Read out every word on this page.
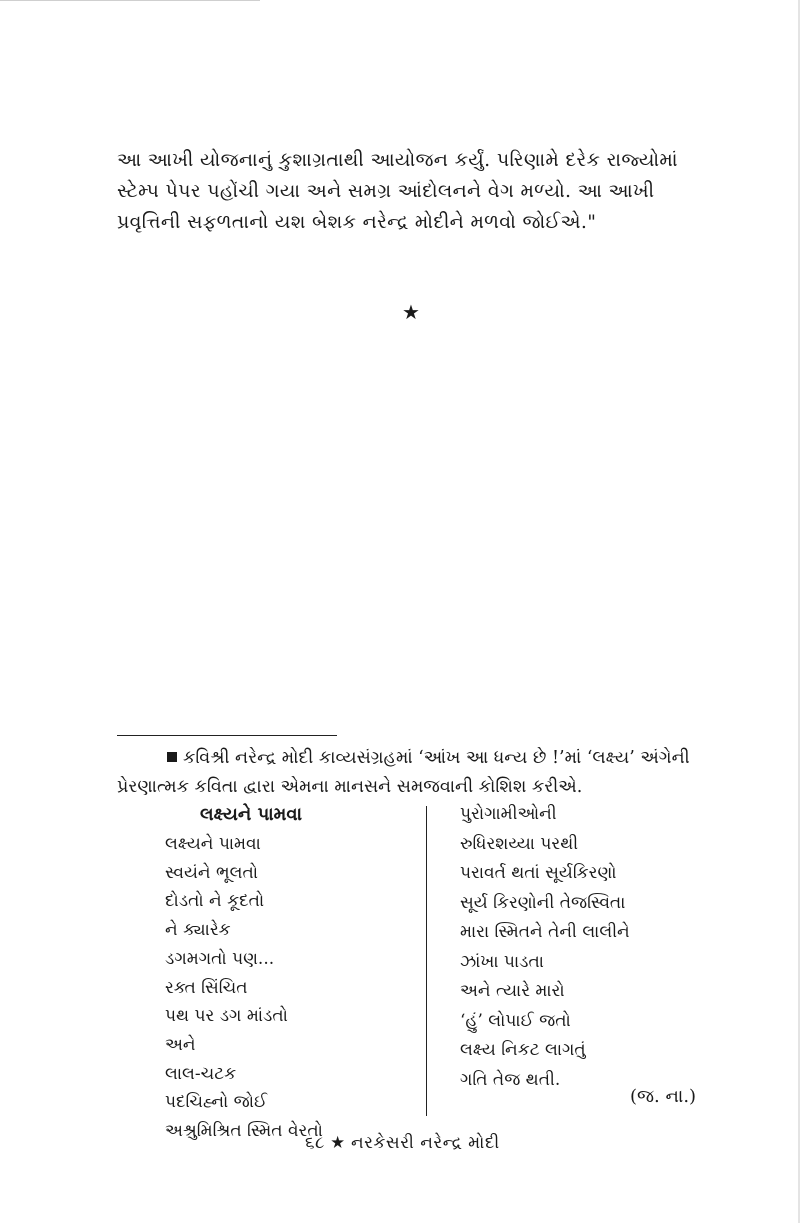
આ આખી યોજનાનું કુશાગ્રતાથી આયોજન કર્યું. પરિણામે દરેક રાજ્યોમાં

સ્ટેમ્પ પેપર પહોંચી ગયા અને સમગ્ર આંદોલનને વેગ મળ્યો. આ આખી

પ્રવૃત્તિની સફળતાનો યશ બેશક નરેન્દ્ર મોદીને મળવો જોઈએ."

★

કવિશ્રી નરેન્દ્ર મોદી કાવ્યસંગ્રહમાં ‘આંખ આ ધન્ય છે !’માં ‘લક્ષ્ય’ અંગેની

પ્રેરણાત્મક કવિતા દ્વારા એમના માનસને સમજવાની કોશિશ કરીએ.

લક્ષ્યને પામવા
લક્ષ્યને પામવા
સ્વયંને ભૂલતો
દોડતો ને કૂદતો
ને ક્યારેક
ડગમગતો પણ...
રક્ત સિંચિત
પથ પર ડગ માંડતો
અને
લાલ-ચટક
પદચિહ્નો જોઈ
અશ્રુમિશ્રિત સ્મિત વેરતો
પુરોગામીઓની
રુધિરશય્યા પરથી
પરાવર્ત થતાં સૂર્યકિરણો
સૂર્ય કિરણોની તેજસ્વિતા
મારા સ્મિતને તેની લાલીને
ઝાંખા પાડતા
અને ત્યારે મારો
‘હું’ લોપાઈ જતો
લક્ષ્ય નિકટ લાગતું
ગતિ તેજ થતી.
(જ. ના.)
૬૮ ★ નરકેસરી નરેન્દ્ર મોદી
